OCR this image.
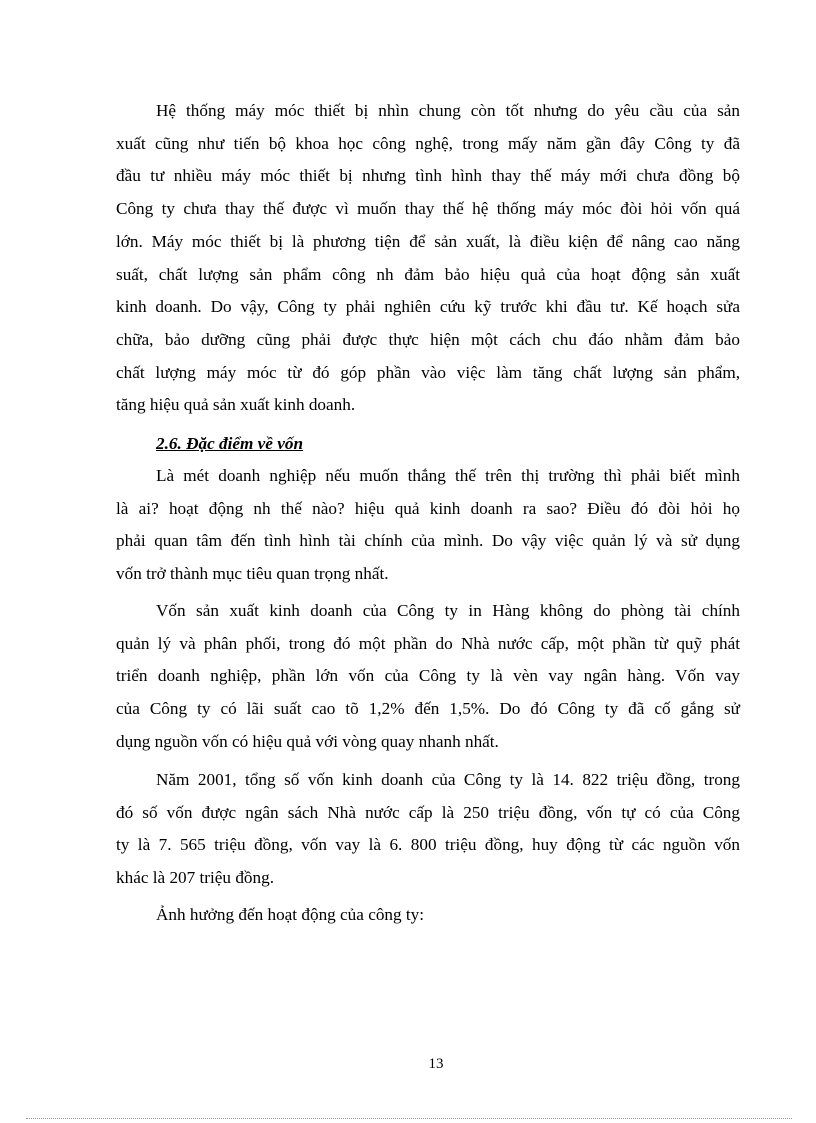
Hệ thống máy móc thiết bị nhìn chung còn tốt nhưng do yêu cầu của sản
xuất cũng như tiến bộ khoa học công nghệ, trong mấy năm gần đây Công ty đã
đầu tư nhiều máy móc thiết bị nhưng tình hình thay thế máy mới chưa đồng bộ
Công ty chưa thay thế được vì muốn thay thế hệ thống máy móc đòi hỏi vốn quá
lớn. Máy móc thiết bị là phương tiện để sản xuất, là điều kiện để nâng cao năng
suất, chất lượng sản phẩm công nh đảm bảo hiệu quả của hoạt động sản xuất
kinh doanh. Do vậy, Công ty phải nghiên cứu kỹ trước khi đầu tư. Kế hoạch sửa
chữa, bảo dưỡng cũng phải được thực hiện một cách chu đáo nhằm đảm bảo
chất lượng máy móc từ đó góp phần vào việc làm tăng chất lượng sản phẩm,
tăng hiệu quả sản xuất kinh doanh.
2.6. Đặc điểm về vốn
Là mét doanh nghiệp nếu muốn thắng thế trên thị trường thì phải biết mình
là ai? hoạt động nh thế nào? hiệu quả kinh doanh ra sao? Điều đó đòi hỏi họ
phải quan tâm đến tình hình tài chính của mình. Do vậy việc quản lý và sử dụng
vốn trở thành mục tiêu quan trọng nhất.
Vốn sản xuất kinh doanh của Công ty in Hàng không do phòng tài chính
quản lý và phân phối, trong đó một phần do Nhà nước cấp, một phần từ quỹ phát
triển doanh nghiệp, phần lớn vốn của Công ty là vèn vay ngân hàng. Vốn vay
của Công ty có lãi suất cao tõ 1,2% đến 1,5%. Do đó Công ty đã cố gắng sử
dụng nguồn vốn có hiệu quả với vòng quay nhanh nhất.
Năm 2001, tổng số vốn kinh doanh của Công ty là 14. 822 triệu đồng, trong
đó số vốn được ngân sách Nhà nước cấp là 250 triệu đồng, vốn tự có của Công
ty là 7. 565 triệu đồng, vốn vay là 6. 800 triệu đồng, huy động từ các nguồn vốn
khác là 207 triệu đồng.
Ảnh hưởng đến hoạt động của công ty:
13
